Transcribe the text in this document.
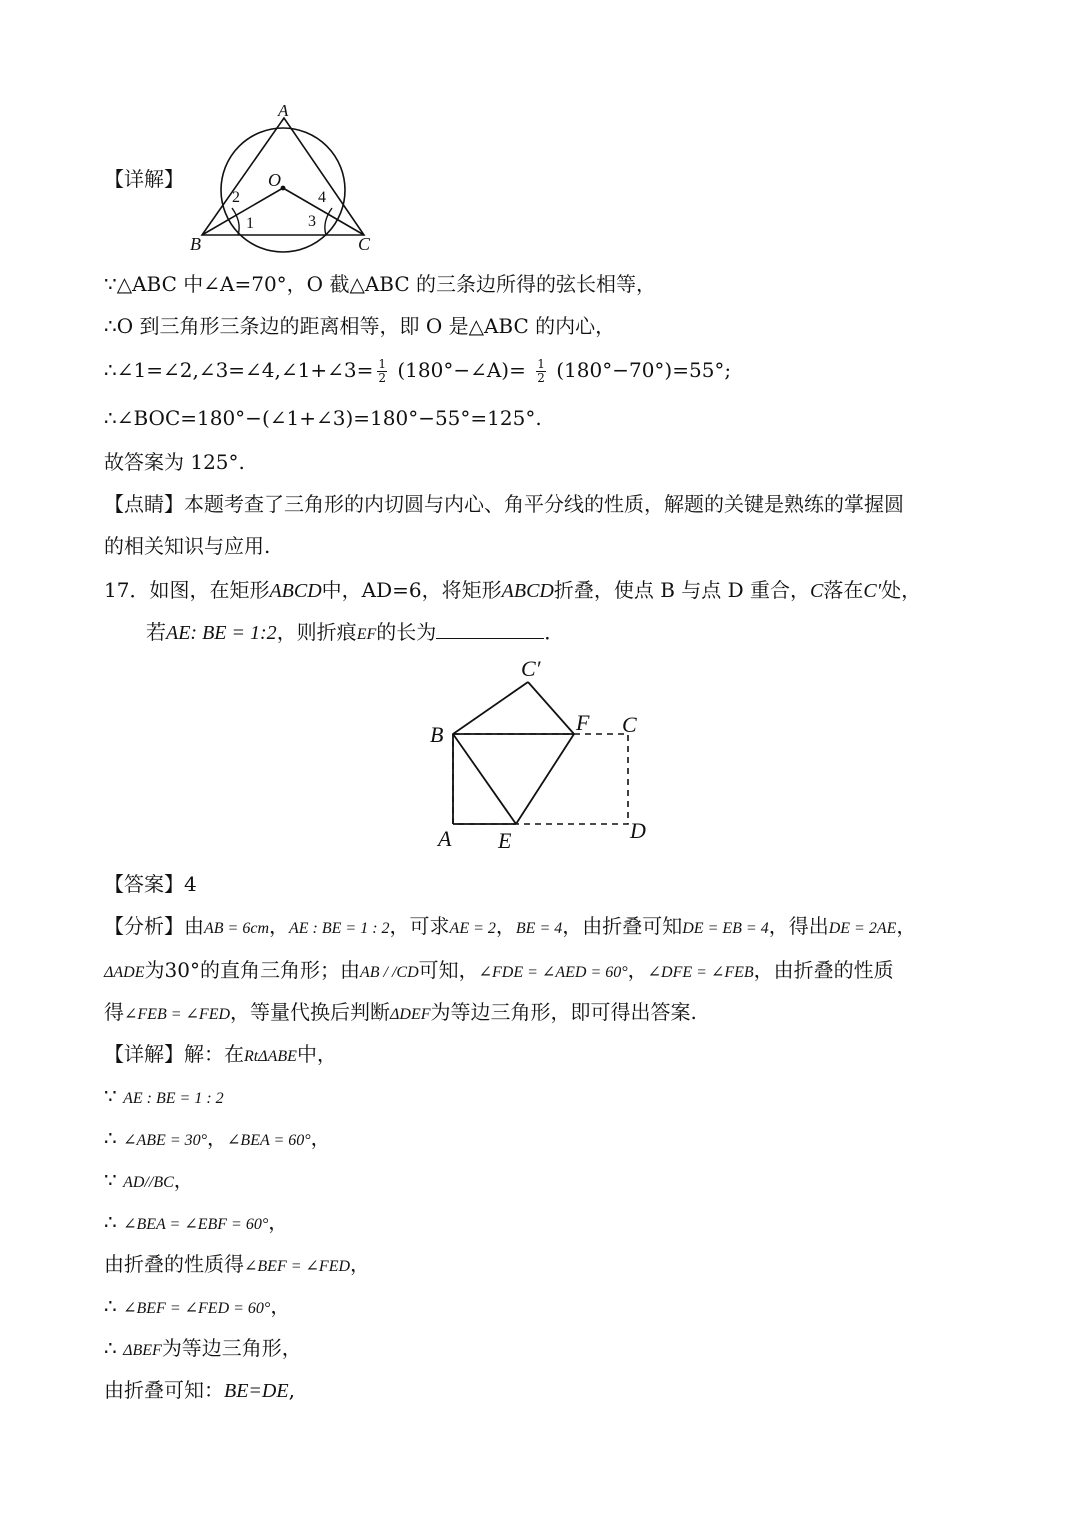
【详解】
A
B	C
O
1
2
3
4
∵△ABC 中∠A=70°，O 截△ABC 的三条边所得的弦长相等，
∴O 到三角形三条边的距离相等，即 O 是△ABC 的内心，
∴∠1=∠2,∠3=∠4,∠1+∠3= $\frac{1}{2}$ (180°−∠A)= $\frac{1}{2} (180^\circ-70^\circ)=55^\circ$;
∴∠BOC=180°−(∠1+∠3)=180°−55°=125°.
故答案为 125°.
【点睛】本题考查了三角形的内切圆与内心、角平分线的性质，解题的关键是熟练的掌握圆
的相关知识与应用.
17．如图，在矩形ABCD中，AD=6，将矩形ABCD折叠，使点 B 与点 D 重合，C落在C′处，
若AE: BE = 1:2，则折痕EF的长为	．
C′
B	F C
A E	D
【答案】4
【分析】由AB = 6cm，AE : BE = 1 : 2，可求AE = 2，BE = 4，由折叠可知DE = EB = 4，得出DE = 2AE，
ΔADE为30°的直角三角形；由AB / /CD可知，∠FDE = ∠AED = 60°，∠DFE = ∠FEB，由折叠的性质
得∠FEB = ∠FED，等量代换后判断ΔDEF为等边三角形，即可得出答案.
【详解】解：在RtΔABE中，
∵ AE : BE = 1 : 2
∴ ∠ABE = 30°，∠BEA = 60°，
∵ AD//BC，
∴ ∠BEA = ∠EBF = 60°，
由折叠的性质得∠BEF = ∠FED，
∴ ∠BEF = ∠FED = 60°，
∴ ΔBEF为等边三角形，
由折叠可知：BE=DE,
